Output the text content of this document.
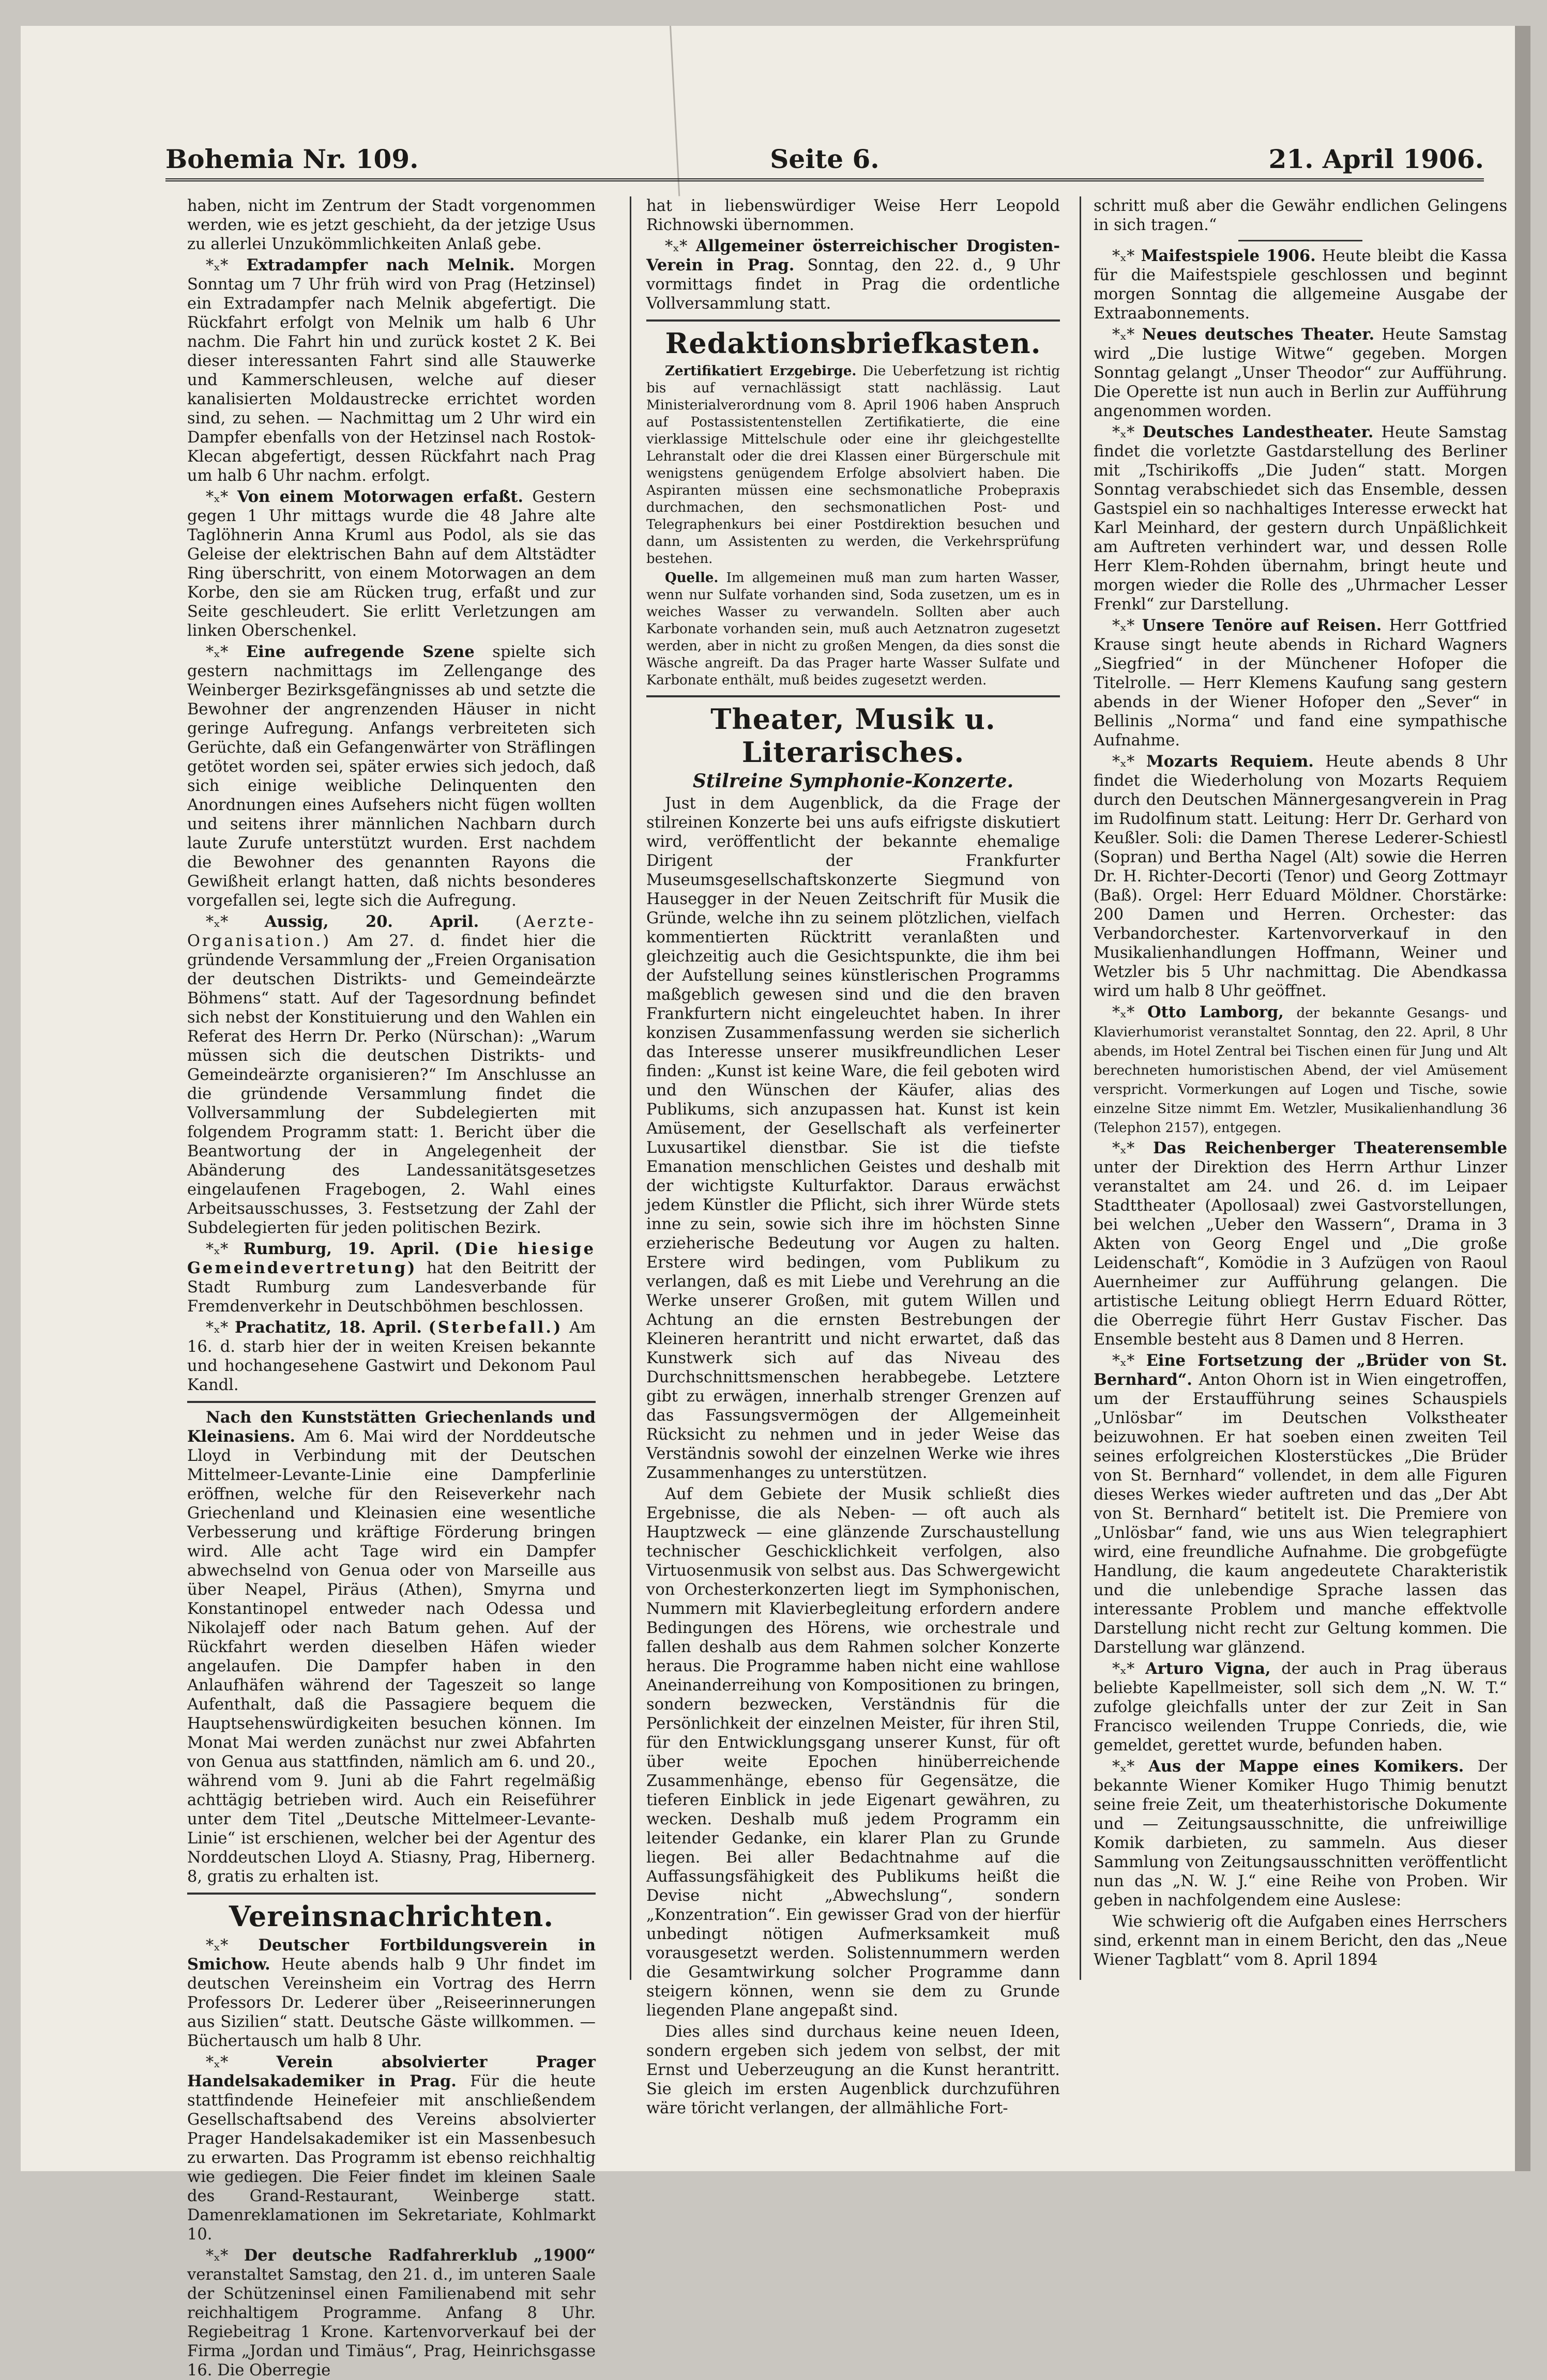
Bohemia Nr. 109.	Seite 6.	21. April 1906.

haben, nicht im Zentrum der Stadt vorgenommen werden, wie es jetzt geschieht, da der jetzige Usus zu allerlei Unzukömmlichkeiten Anlaß gebe.

*ₓ* Extradampfer nach Melnik. Morgen Sonntag um 7 Uhr früh wird von Prag (Hetzinsel) ein Extradampfer nach Melnik abgefertigt. Die Rückfahrt erfolgt von Melnik um halb 6 Uhr nachm. Die Fahrt hin und zurück kostet 2 K. Bei dieser interessanten Fahrt sind alle Stauwerke und Kammerschleusen, welche auf dieser kanalisierten Moldaustrecke errichtet worden sind, zu sehen. — Nachmittag um 2 Uhr wird ein Dampfer ebenfalls von der Hetzinsel nach Rostok-Klecan abgefertigt, dessen Rückfahrt nach Prag um halb 6 Uhr nachm. erfolgt.

*ₓ* Von einem Motorwagen erfaßt. Gestern gegen 1 Uhr mittags wurde die 48 Jahre alte Taglöhnerin Anna Kruml aus Podol, als sie das Geleise der elektrischen Bahn auf dem Altstädter Ring überschritt, von einem Motorwagen an dem Korbe, den sie am Rücken trug, erfaßt und zur Seite geschleudert. Sie erlitt Verletzungen am linken Oberschenkel.

*ₓ* Eine aufregende Szene spielte sich gestern nachmittags im Zellengange des Weinberger Bezirksgefängnisses ab und setzte die Bewohner der angrenzenden Häuser in nicht geringe Aufregung. Anfangs verbreiteten sich Gerüchte, daß ein Gefangenwärter von Sträflingen getötet worden sei, später erwies sich jedoch, daß sich einige weibliche Delinquenten den Anordnungen eines Aufsehers nicht fügen wollten und seitens ihrer männlichen Nachbarn durch laute Zurufe unterstützt wurden. Erst nachdem die Bewohner des genannten Rayons die Gewißheit erlangt hatten, daß nichts besonderes vorgefallen sei, legte sich die Aufregung.

*ₓ* Aussig, 20. April. (Aerzte-Organisation.) Am 27. d. findet hier die gründende Versammlung der „Freien Organisation der deutschen Distrikts- und Gemeindeärzte Böhmens“ statt. Auf der Tagesordnung befindet sich nebst der Konstituierung und den Wahlen ein Referat des Herrn Dr. Perko (Nürschan): „Warum müssen sich die deutschen Distrikts- und Gemeindeärzte organisieren?“ Im Anschlusse an die gründende Versammlung findet die Vollversammlung der Subdelegierten mit folgendem Programm statt: 1. Bericht über die Beantwortung der in Angelegenheit der Abänderung des Landessanitätsgesetzes eingelaufenen Fragebogen, 2. Wahl eines Arbeitsausschusses, 3. Festsetzung der Zahl der Subdelegierten für jeden politischen Bezirk.

*ₓ* Rumburg, 19. April. (Die hiesige Gemeindevertretung) hat den Beitritt der Stadt Rumburg zum Landesverbande für Fremdenverkehr in Deutschböhmen beschlossen.

*ₓ* Prachatitz, 18. April. (Sterbefall.) Am 16. d. starb hier der in weiten Kreisen bekannte und hochangesehene Gastwirt und Dekonom Paul Kandl.

Nach den Kunststätten Griechenlands und Kleinasiens. Am 6. Mai wird der Norddeutsche Lloyd in Verbindung mit der Deutschen Mittelmeer-Levante-Linie eine Dampferlinie eröffnen, welche für den Reiseverkehr nach Griechenland und Kleinasien eine wesentliche Verbesserung und kräftige Förderung bringen wird. Alle acht Tage wird ein Dampfer abwechselnd von Genua oder von Marseille aus über Neapel, Piräus (Athen), Smyrna und Konstantinopel entweder nach Odessa und Nikolajeff oder nach Batum gehen. Auf der Rückfahrt werden dieselben Häfen wieder angelaufen. Die Dampfer haben in den Anlaufhäfen während der Tageszeit so lange Aufenthalt, daß die Passagiere bequem die Hauptsehenswürdigkeiten besuchen können. Im Monat Mai werden zunächst nur zwei Abfahrten von Genua aus stattfinden, nämlich am 6. und 20., während vom 9. Juni ab die Fahrt regelmäßig achttägig betrieben wird. Auch ein Reiseführer unter dem Titel „Deutsche Mittelmeer-Levante-Linie“ ist erschienen, welcher bei der Agentur des Norddeutschen Lloyd A. Stiasny, Prag, Hibernerg. 8, gratis zu erhalten ist.

Vereinsnachrichten.

*ₓ* Deutscher Fortbildungsverein in Smichow. Heute abends halb 9 Uhr findet im deutschen Vereinsheim ein Vortrag des Herrn Professors Dr. Lederer über „Reiseerinnerungen aus Sizilien“ statt. Deutsche Gäste willkommen. — Büchertausch um halb 8 Uhr.

*ₓ* Verein absolvierter Prager Handelsakademiker in Prag. Für die heute stattfindende Heinefeier mit anschließendem Gesellschaftsabend des Vereins absolvierter Prager Handelsakademiker ist ein Massenbesuch zu erwarten. Das Programm ist ebenso reichhaltig wie gediegen. Die Feier findet im kleinen Saale des Grand-Restaurant, Weinberge statt. Damenreklamationen im Sekretariate, Kohlmarkt 10.

*ₓ* Der deutsche Radfahrerklub „1900“ veranstaltet Samstag, den 21. d., im unteren Saale der Schützeninsel einen Familienabend mit sehr reichhaltigem Programme. Anfang 8 Uhr. Regiebeitrag 1 Krone. Kartenvorverkauf bei der Firma „Jordan und Timäus“, Prag, Heinrichsgasse 16. Die Oberregie

hat in liebenswürdiger Weise Herr Leopold Richnowski übernommen.

*ₓ* Allgemeiner österreichischer Drogisten-Verein in Prag. Sonntag, den 22. d., 9 Uhr vormittags findet in Prag die ordentliche Vollversammlung statt.

Redaktionsbriefkasten.

Zertifikatiert Erzgebirge. Die Ueberfetzung ist richtig bis auf vernachlässigt statt nachlässig. Laut Ministerialverordnung vom 8. April 1906 haben Anspruch auf Postassistentenstellen Zertifikatierte, die eine vierklassige Mittelschule oder eine ihr gleichgestellte Lehranstalt oder die drei Klassen einer Bürgerschule mit wenigstens genügendem Erfolge absolviert haben. Die Aspiranten müssen eine sechsmonatliche Probepraxis durchmachen, den sechsmonatlichen Post- und Telegraphenkurs bei einer Postdirektion besuchen und dann, um Assistenten zu werden, die Verkehrsprüfung bestehen.

Quelle. Im allgemeinen muß man zum harten Wasser, wenn nur Sulfate vorhanden sind, Soda zusetzen, um es in weiches Wasser zu verwandeln. Sollten aber auch Karbonate vorhanden sein, muß auch Aetznatron zugesetzt werden, aber in nicht zu großen Mengen, da dies sonst die Wäsche angreift. Da das Prager harte Wasser Sulfate und Karbonate enthält, muß beides zugesetzt werden.

Theater, Musik u. Literarisches.
Stilreine Symphonie-Konzerte.

Just in dem Augenblick, da die Frage der stilreinen Konzerte bei uns aufs eifrigste diskutiert wird, veröffentlicht der bekannte ehemalige Dirigent der Frankfurter Museumsgesellschaftskonzerte Siegmund von Hausegger in der Neuen Zeitschrift für Musik die Gründe, welche ihn zu seinem plötzlichen, vielfach kommentierten Rücktritt veranlaßten und gleichzeitig auch die Gesichtspunkte, die ihm bei der Aufstellung seines künstlerischen Programms maßgeblich gewesen sind und die den braven Frankfurtern nicht eingeleuchtet haben. In ihrer konzisen Zusammenfassung werden sie sicherlich das Interesse unserer musikfreundlichen Leser finden: „Kunst ist keine Ware, die feil geboten wird und den Wünschen der Käufer, alias des Publikums, sich anzupassen hat. Kunst ist kein Amüsement, der Gesellschaft als verfeinerter Luxusartikel dienstbar. Sie ist die tiefste Emanation menschlichen Geistes und deshalb mit der wichtigste Kulturfaktor. Daraus erwächst jedem Künstler die Pflicht, sich ihrer Würde stets inne zu sein, sowie sich ihre im höchsten Sinne erzieherische Bedeutung vor Augen zu halten. Erstere wird bedingen, vom Publikum zu verlangen, daß es mit Liebe und Verehrung an die Werke unserer Großen, mit gutem Willen und Achtung an die ernsten Bestrebungen der Kleineren herantritt und nicht erwartet, daß das Kunstwerk sich auf das Niveau des Durchschnittsmenschen herabbegebe. Letztere gibt zu erwägen, innerhalb strenger Grenzen auf das Fassungsvermögen der Allgemeinheit Rücksicht zu nehmen und in jeder Weise das Verständnis sowohl der einzelnen Werke wie ihres Zusammenhanges zu unterstützen.

Auf dem Gebiete der Musik schließt dies Ergebnisse, die als Neben- — oft auch als Hauptzweck — eine glänzende Zurschaustellung technischer Geschicklichkeit verfolgen, also Virtuosenmusik von selbst aus. Das Schwergewicht von Orchesterkonzerten liegt im Symphonischen, Nummern mit Klavierbegleitung erfordern andere Bedingungen des Hörens, wie orchestrale und fallen deshalb aus dem Rahmen solcher Konzerte heraus. Die Programme haben nicht eine wahllose Aneinanderreihung von Kompositionen zu bringen, sondern bezwecken, Verständnis für die Persönlichkeit der einzelnen Meister, für ihren Stil, für den Entwicklungsgang unserer Kunst, für oft über weite Epochen hinüberreichende Zusammenhänge, ebenso für Gegensätze, die tieferen Einblick in jede Eigenart gewähren, zu wecken. Deshalb muß jedem Programm ein leitender Gedanke, ein klarer Plan zu Grunde liegen. Bei aller Bedachtnahme auf die Auffassungsfähigkeit des Publikums heißt die Devise nicht „Abwechslung“, sondern „Konzentration“. Ein gewisser Grad von der hierfür unbedingt nötigen Aufmerksamkeit muß vorausgesetzt werden. Solistennummern werden die Gesamtwirkung solcher Programme dann steigern können, wenn sie dem zu Grunde liegenden Plane angepaßt sind.

Dies alles sind durchaus keine neuen Ideen, sondern ergeben sich jedem von selbst, der mit Ernst und Ueberzeugung an die Kunst herantritt. Sie gleich im ersten Augenblick durchzuführen wäre töricht verlangen, der allmähliche Fort-

schritt muß aber die Gewähr endlichen Gelingens in sich tragen.“

*ₓ* Maifestspiele 1906. Heute bleibt die Kassa für die Maifestspiele geschlossen und beginnt morgen Sonntag die allgemeine Ausgabe der Extraabonnements.

*ₓ* Neues deutsches Theater. Heute Samstag wird „Die lustige Witwe“ gegeben. Morgen Sonntag gelangt „Unser Theodor“ zur Aufführung. Die Operette ist nun auch in Berlin zur Aufführung angenommen worden.

*ₓ* Deutsches Landestheater. Heute Samstag findet die vorletzte Gastdarstellung des Berliner mit „Tschirikoffs „Die Juden“ statt. Morgen Sonntag verabschiedet sich das Ensemble, dessen Gastspiel ein so nachhaltiges Interesse erweckt hat Karl Meinhard, der gestern durch Unpäßlichkeit am Auftreten verhindert war, und dessen Rolle Herr Klem-Rohden übernahm, bringt heute und morgen wieder die Rolle des „Uhrmacher Lesser Frenkl“ zur Darstellung.

*ₓ* Unsere Tenöre auf Reisen. Herr Gottfried Krause singt heute abends in Richard Wagners „Siegfried“ in der Münchener Hofoper die Titelrolle. — Herr Klemens Kaufung sang gestern abends in der Wiener Hofoper den „Sever“ in Bellinis „Norma“ und fand eine sympathische Aufnahme.

*ₓ* Mozarts Requiem. Heute abends 8 Uhr findet die Wiederholung von Mozarts Requiem durch den Deutschen Männergesangverein in Prag im Rudolfinum statt. Leitung: Herr Dr. Gerhard von Keußler. Soli: die Damen Therese Lederer-Schiestl (Sopran) und Bertha Nagel (Alt) sowie die Herren Dr. H. Richter-Decorti (Tenor) und Georg Zottmayr (Baß). Orgel: Herr Eduard Möldner. Chorstärke: 200 Damen und Herren. Orchester: das Verbandorchester. Kartenvorverkauf in den Musikalienhandlungen Hoffmann, Weiner und Wetzler bis 5 Uhr nachmittag. Die Abendkassa wird um halb 8 Uhr geöffnet.

*ₓ* Otto Lamborg, der bekannte Gesangs- und Klavierhumorist veranstaltet Sonntag, den 22. April, 8 Uhr abends, im Hotel Zentral bei Tischen einen für Jung und Alt berechneten humoristischen Abend, der viel Amüsement verspricht. Vormerkungen auf Logen und Tische, sowie einzelne Sitze nimmt Em. Wetzler, Musikalienhandlung 36 (Telephon 2157), entgegen.

*ₓ* Das Reichenberger Theaterensemble unter der Direktion des Herrn Arthur Linzer veranstaltet am 24. und 26. d. im Leipaer Stadttheater (Apollosaal) zwei Gastvorstellungen, bei welchen „Ueber den Wassern“, Drama in 3 Akten von Georg Engel und „Die große Leidenschaft“, Komödie in 3 Aufzügen von Raoul Auernheimer zur Aufführung gelangen. Die artistische Leitung obliegt Herrn Eduard Rötter, die Oberregie führt Herr Gustav Fischer. Das Ensemble besteht aus 8 Damen und 8 Herren.

*ₓ* Eine Fortsetzung der „Brüder von St. Bernhard“. Anton Ohorn ist in Wien eingetroffen, um der Erstaufführung seines Schauspiels „Unlösbar“ im Deutschen Volkstheater beizuwohnen. Er hat soeben einen zweiten Teil seines erfolgreichen Klosterstückes „Die Brüder von St. Bernhard“ vollendet, in dem alle Figuren dieses Werkes wieder auftreten und das „Der Abt von St. Bernhard“ betitelt ist. Die Premiere von „Unlösbar“ fand, wie uns aus Wien telegraphiert wird, eine freundliche Aufnahme. Die grobgefügte Handlung, die kaum angedeutete Charakteristik und die unlebendige Sprache lassen das interessante Problem und manche effektvolle Darstellung nicht recht zur Geltung kommen. Die Darstellung war glänzend.

*ₓ* Arturo Vigna, der auch in Prag überaus beliebte Kapellmeister, soll sich dem „N. W. T.“ zufolge gleichfalls unter der zur Zeit in San Francisco weilenden Truppe Conrieds, die, wie gemeldet, gerettet wurde, befunden haben.

*ₓ* Aus der Mappe eines Komikers. Der bekannte Wiener Komiker Hugo Thimig benutzt seine freie Zeit, um theaterhistorische Dokumente und — Zeitungsausschnitte, die unfreiwillige Komik darbieten, zu sammeln. Aus dieser Sammlung von Zeitungsausschnitten veröffentlicht nun das „N. W. J.“ eine Reihe von Proben. Wir geben in nachfolgendem eine Auslese:

Wie schwierig oft die Aufgaben eines Herrschers sind, erkennt man in einem Bericht, den das „Neue Wiener Tagblatt“ vom 8. April 1894
